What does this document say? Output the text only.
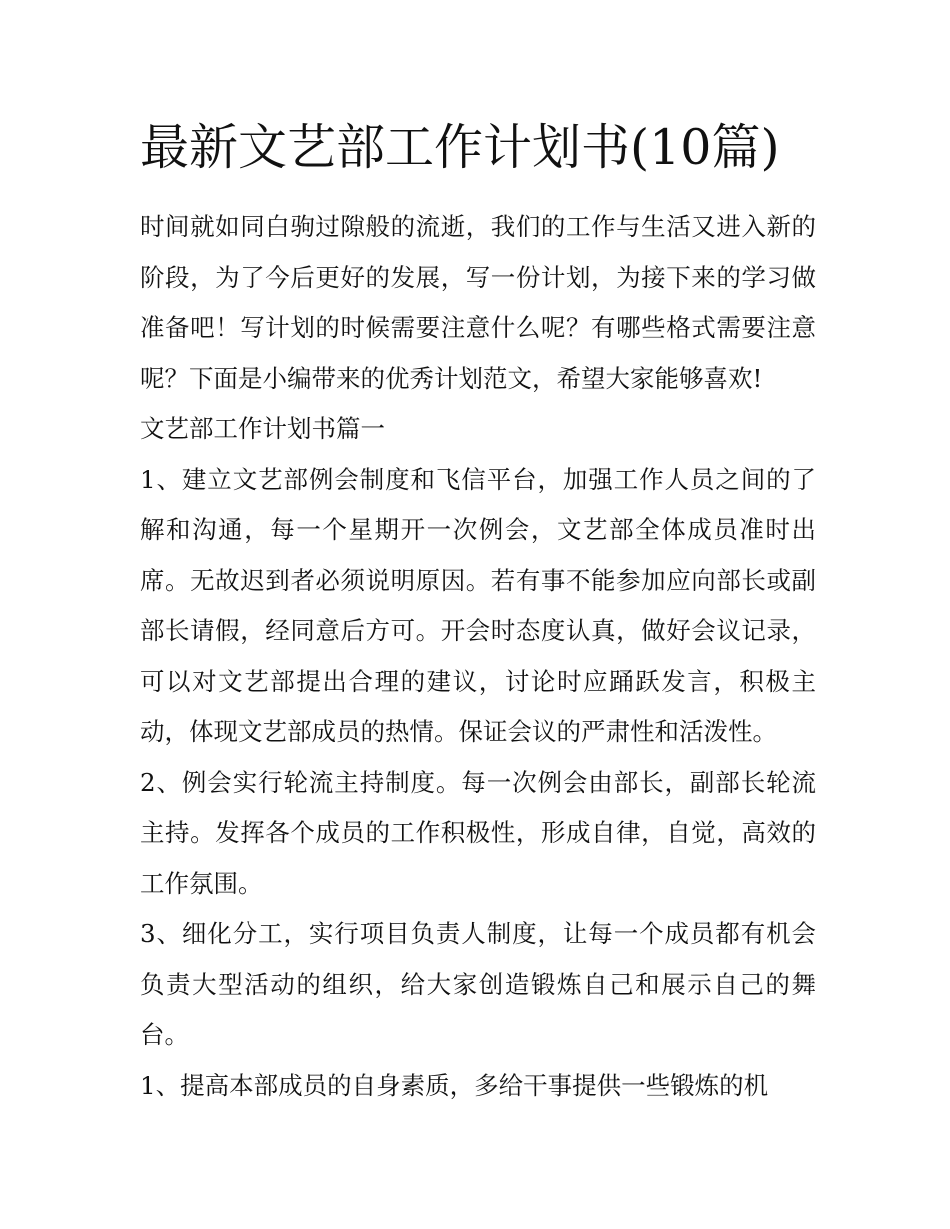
最新文艺部工作计划书(10篇)

时间就如同白驹过隙般的流逝，我们的工作与生活又进入新的阶段，为了今后更好的发展，写一份计划，为接下来的学习做准备吧！写计划的时候需要注意什么呢？有哪些格式需要注意呢？下面是小编带来的优秀计划范文，希望大家能够喜欢!

文艺部工作计划书篇一

1、建立文艺部例会制度和飞信平台，加强工作人员之间的了解和沟通，每一个星期开一次例会，文艺部全体成员准时出席。无故迟到者必须说明原因。若有事不能参加应向部长或副部长请假，经同意后方可。开会时态度认真，做好会议记录，可以对文艺部提出合理的建议，讨论时应踊跃发言，积极主动，体现文艺部成员的热情。保证会议的严肃性和活泼性。

2、例会实行轮流主持制度。每一次例会由部长，副部长轮流主持。发挥各个成员的工作积极性，形成自律，自觉，高效的工作氛围。

3、细化分工，实行项目负责人制度，让每一个成员都有机会负责大型活动的组织，给大家创造锻炼自己和展示自己的舞台。

1、提高本部成员的自身素质，多给干事提供一些锻炼的机
